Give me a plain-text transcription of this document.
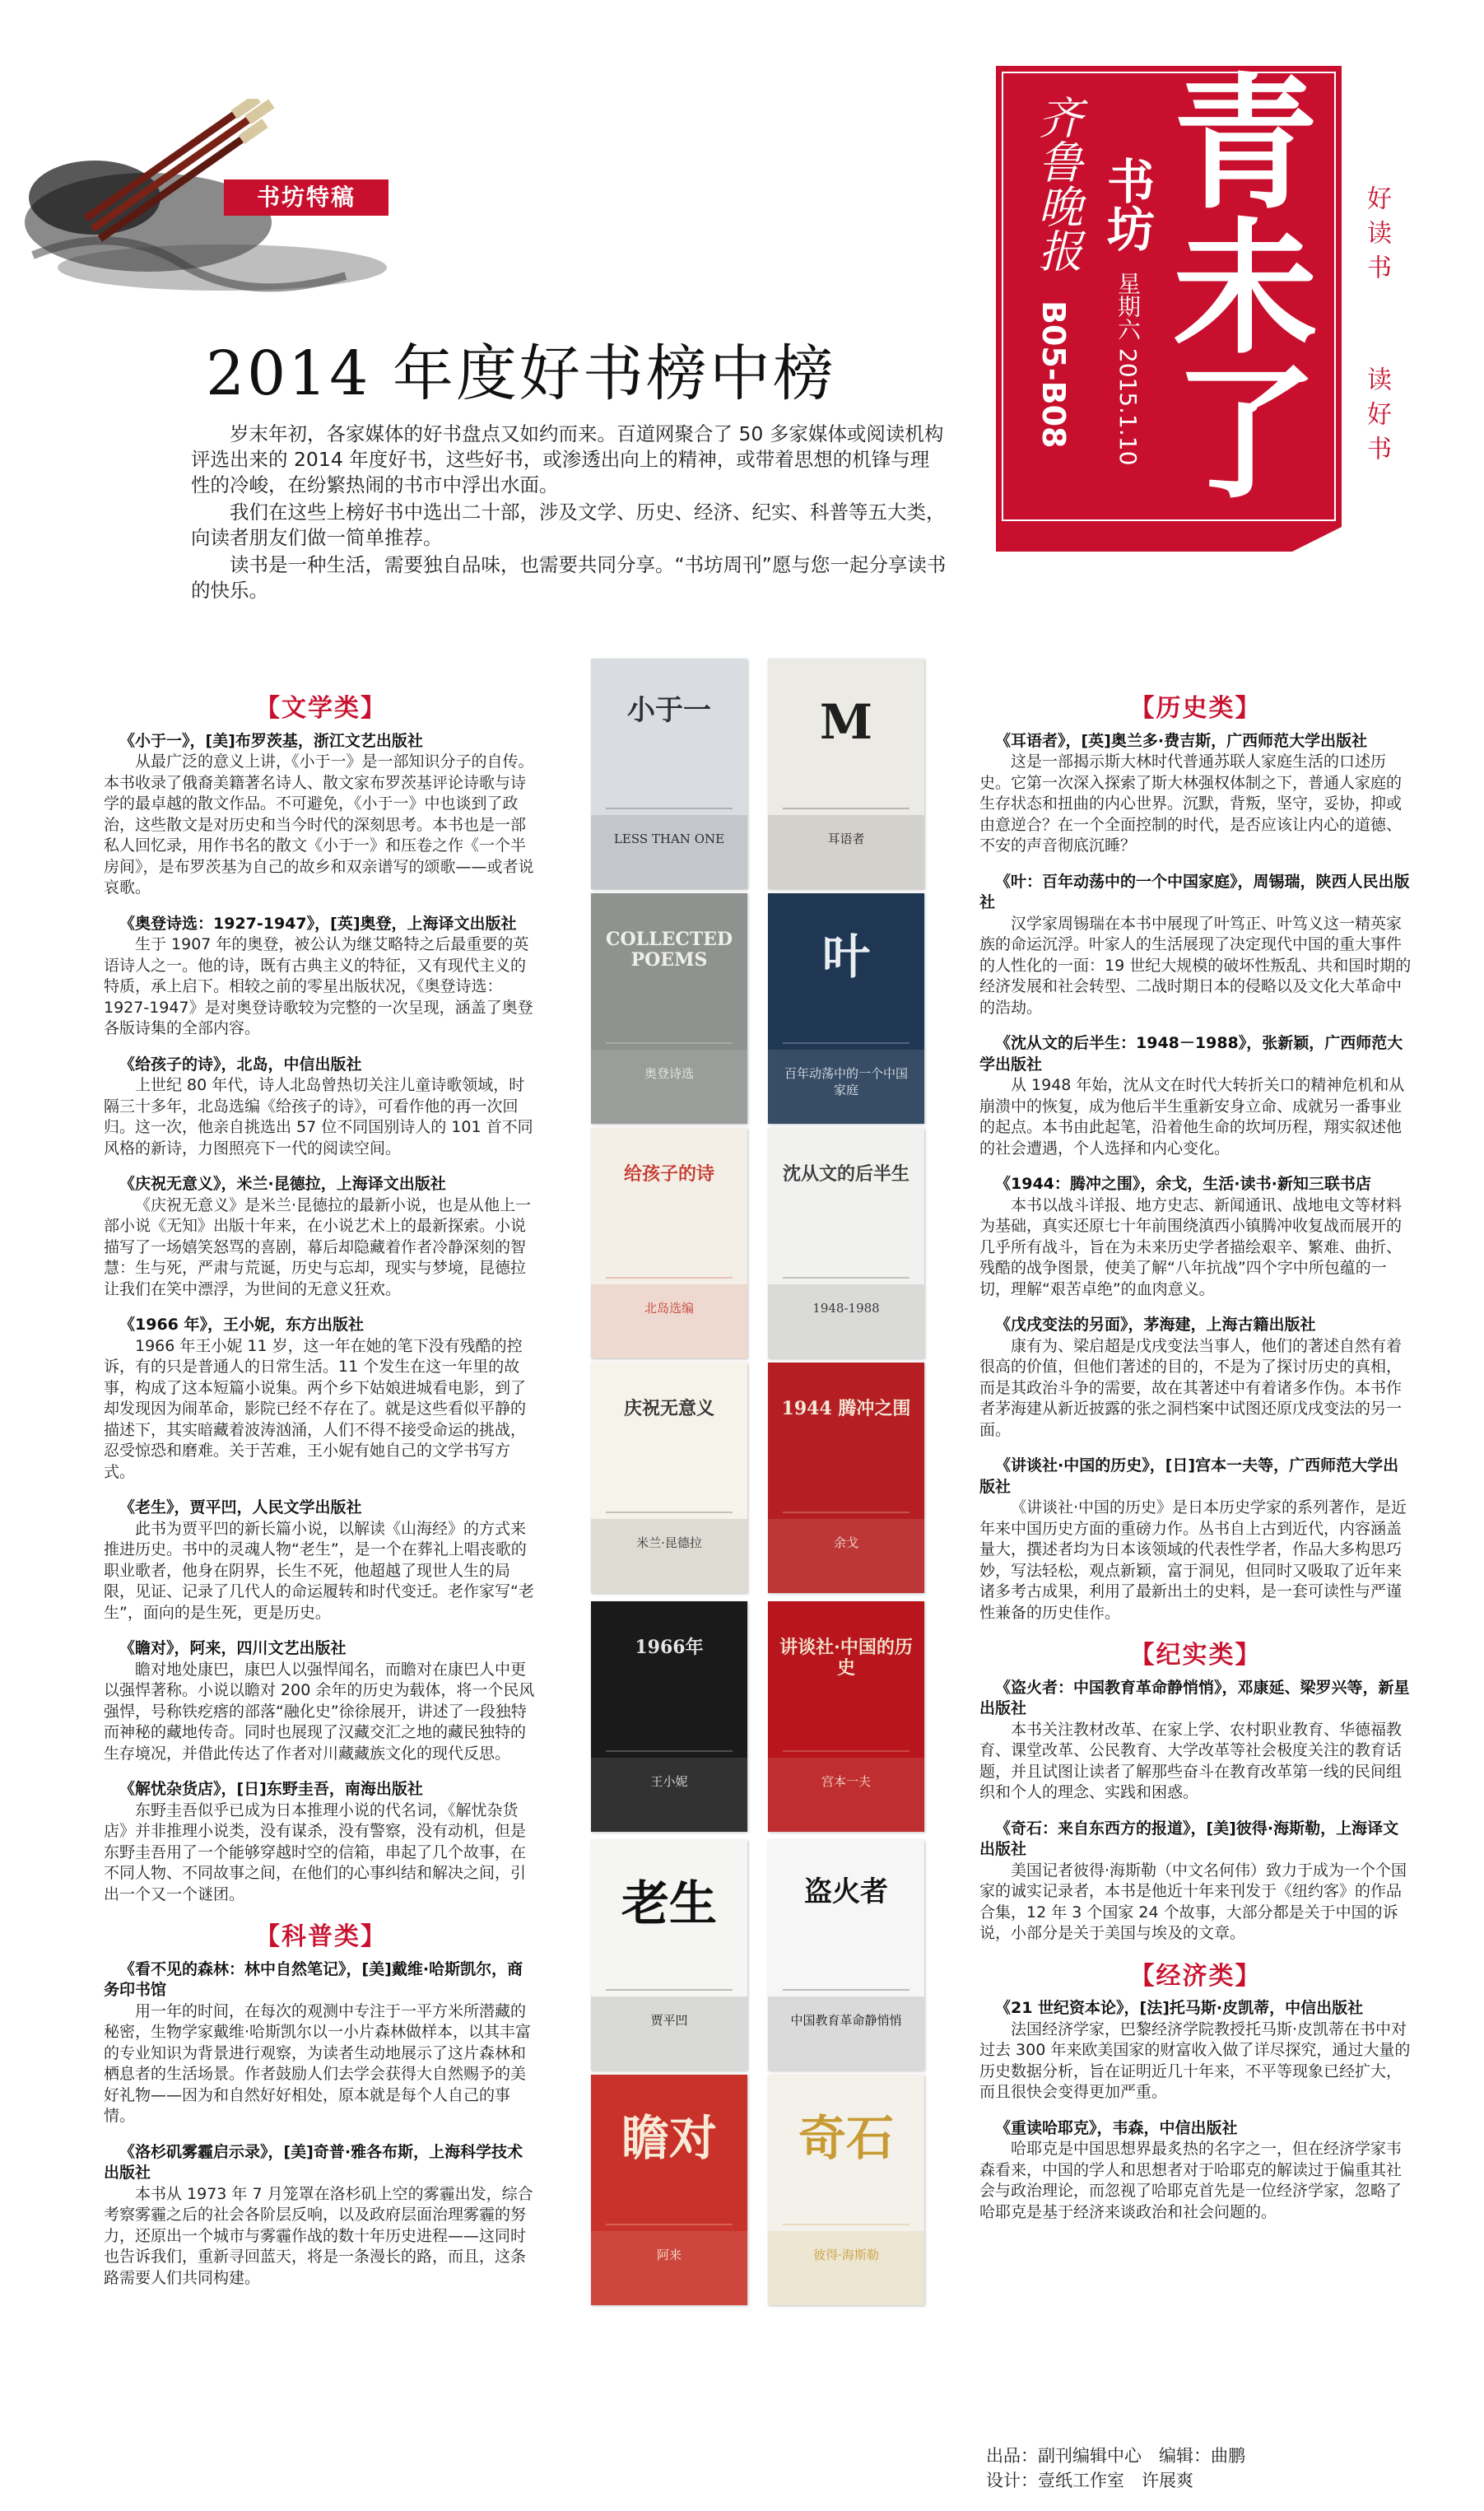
书坊特稿
2014 年度好书榜中榜
齐鲁晚报
B05-B08
书坊
星期六 2015.1.10
青未了
好读书
读好书

岁末年初，各家媒体的好书盘点又如约而来。百道网聚合了 50 多家媒体或阅读机构评选出来的 2014 年度好书，这些好书，或渗透出向上的精神，或带着思想的机锋与理性的冷峻，在纷繁热闹的书市中浮出水面。

我们在这些上榜好书中选出二十部，涉及文学、历史、经济、纪实、科普等五大类，向读者朋友们做一简单推荐。

读书是一种生活，需要独自品味，也需要共同分享。“书坊周刊”愿与您一起分享读书的快乐。

【文学类】

《小于一》，[美]布罗茨基，浙江文艺出版社

从最广泛的意义上讲，《小于一》是一部知识分子的自传。本书收录了俄裔美籍著名诗人、散文家布罗茨基评论诗歌与诗学的最卓越的散文作品。不可避免，《小于一》中也谈到了政治，这些散文是对历史和当今时代的深刻思考。本书也是一部私人回忆录，用作书名的散文《小于一》和压卷之作《一个半房间》，是布罗茨基为自己的故乡和双亲谱写的颂歌——或者说哀歌。

《奥登诗选：1927-1947》，[英]奥登，上海译文出版社

生于 1907 年的奥登，被公认为继艾略特之后最重要的英语诗人之一。他的诗，既有古典主义的特征，又有现代主义的特质，承上启下。相较之前的零星出版状况，《奥登诗选：1927-1947》是对奥登诗歌较为完整的一次呈现，涵盖了奥登各版诗集的全部内容。

《给孩子的诗》，北岛，中信出版社

上世纪 80 年代，诗人北岛曾热切关注儿童诗歌领域，时隔三十多年，北岛选编《给孩子的诗》，可看作他的再一次回归。这一次，他亲自挑选出 57 位不同国别诗人的 101 首不同风格的新诗，力图照亮下一代的阅读空间。

《庆祝无意义》，米兰·昆德拉，上海译文出版社

《庆祝无意义》是米兰·昆德拉的最新小说，也是从他上一部小说《无知》出版十年来，在小说艺术上的最新探索。小说描写了一场嬉笑怒骂的喜剧，幕后却隐藏着作者冷静深刻的智慧：生与死，严肃与荒诞，历史与忘却，现实与梦境，昆德拉让我们在笑中漂浮，为世间的无意义狂欢。

《1966 年》，王小妮，东方出版社

1966 年王小妮 11 岁，这一年在她的笔下没有残酷的控诉，有的只是普通人的日常生活。11 个发生在这一年里的故事，构成了这本短篇小说集。两个乡下姑娘进城看电影，到了却发现因为闹革命，影院已经不存在了。就是这些看似平静的描述下，其实暗藏着波涛汹涌，人们不得不接受命运的挑战，忍受惊恐和磨难。关于苦难，王小妮有她自己的文学书写方式。

《老生》，贾平凹，人民文学出版社

此书为贾平凹的新长篇小说，以解读《山海经》的方式来推进历史。书中的灵魂人物“老生”，是一个在葬礼上唱丧歌的职业歌者，他身在阴界，长生不死，他超越了现世人生的局限，见证、记录了几代人的命运履转和时代变迁。老作家写“老生”，面向的是生死，更是历史。

《瞻对》，阿来，四川文艺出版社

瞻对地处康巴，康巴人以强悍闻名，而瞻对在康巴人中更以强悍著称。小说以瞻对 200 余年的历史为载体，将一个民风强悍，号称铁疙瘩的部落“融化史”徐徐展开，讲述了一段独特而神秘的藏地传奇。同时也展现了汉藏交汇之地的藏民独特的生存境况，并借此传达了作者对川藏藏族文化的现代反思。

《解忧杂货店》，[日]东野圭吾，南海出版社

东野圭吾似乎已成为日本推理小说的代名词，《解忧杂货店》并非推理小说类，没有谋杀，没有警察，没有动机，但是东野圭吾用了一个能够穿越时空的信箱，串起了几个故事，在不同人物、不同故事之间，在他们的心事纠结和解决之间，引出一个又一个谜团。

【科普类】

《看不见的森林：林中自然笔记》，[美]戴维·哈斯凯尔，商务印书馆

用一年的时间，在每次的观测中专注于一平方米所潜藏的秘密，生物学家戴维·哈斯凯尔以一小片森林做样本，以其丰富的专业知识为背景进行观察，为读者生动地展示了这片森林和栖息者的生活场景。作者鼓励人们去学会获得大自然赐予的美好礼物——因为和自然好好相处，原本就是每个人自己的事情。

《洛杉矶雾霾启示录》，[美]奇普·雅各布斯，上海科学技术出版社

本书从 1973 年 7 月笼罩在洛杉矶上空的雾霾出发，综合考察雾霾之后的社会各阶层反响，以及政府层面治理雾霾的努力，还原出一个城市与雾霾作战的数十年历史进程——这同时也告诉我们，重新寻回蓝天，将是一条漫长的路，而且，这条路需要人们共同构建。

【历史类】

《耳语者》，[英]奥兰多·费吉斯，广西师范大学出版社

这是一部揭示斯大林时代普通苏联人家庭生活的口述历史。它第一次深入探索了斯大林强权体制之下，普通人家庭的生存状态和扭曲的内心世界。沉默，背叛，坚守，妥协，抑或由意逆合？在一个全面控制的时代，是否应该让内心的道德、不安的声音彻底沉睡？

《叶：百年动荡中的一个中国家庭》，周锡瑞，陕西人民出版社

汉学家周锡瑞在本书中展现了叶笃正、叶笃义这一精英家族的命运沉浮。叶家人的生活展现了决定现代中国的重大事件的人性化的一面：19 世纪大规模的破坏性叛乱、共和国时期的经济发展和社会转型、二战时期日本的侵略以及文化大革命中的浩劫。

《沈从文的后半生：1948－1988》，张新颖，广西师范大学出版社

从 1948 年始，沈从文在时代大转折关口的精神危机和从崩溃中的恢复，成为他后半生重新安身立命、成就另一番事业的起点。本书由此起笔，沿着他生命的坎坷历程，翔实叙述他的社会遭遇，个人选择和内心变化。

《1944：腾冲之围》，余戈，生活·读书·新知三联书店

本书以战斗详报、地方史志、新闻通讯、战地电文等材料为基础，真实还原七十年前围绕滇西小镇腾冲收复战而展开的几乎所有战斗，旨在为未来历史学者描绘艰辛、繁难、曲折、残酷的战争图景，使美了解“八年抗战”四个字中所包蕴的一切，理解“艰苦卓绝”的血肉意义。

《戊戌变法的另面》，茅海建，上海古籍出版社

康有为、梁启超是戊戌变法当事人，他们的著述自然有着很高的价值，但他们著述的目的，不是为了探讨历史的真相，而是其政治斗争的需要，故在其著述中有着诸多作伪。本书作者茅海建从新近披露的张之洞档案中试图还原戊戌变法的另一面。

《讲谈社·中国的历史》，[日]宫本一夫等，广西师范大学出版社

《讲谈社·中国的历史》是日本历史学家的系列著作，是近年来中国历史方面的重磅力作。丛书自上古到近代，内容涵盖量大，撰述者均为日本该领域的代表性学者，作品大多构思巧妙，写法轻松，观点新颖，富于洞见，但同时又吸取了近年来诸多考古成果，利用了最新出土的史料，是一套可读性与严谨性兼备的历史佳作。

【纪实类】

《盗火者：中国教育革命静悄悄》，邓康延、梁罗兴等，新星出版社

本书关注教材改革、在家上学、农村职业教育、华德福教育、课堂改革、公民教育、大学改革等社会极度关注的教育话题，并且试图让读者了解那些奋斗在教育改革第一线的民间组织和个人的理念、实践和困惑。

《奇石：来自东西方的报道》，[美]彼得·海斯勒，上海译文出版社

美国记者彼得·海斯勒（中文名何伟）致力于成为一个个国家的诚实记录者，本书是他近十年来刊发于《纽约客》的作品合集，12 年 3 个国家 24 个故事，大部分都是关于中国的诉说，小部分是关于美国与埃及的文章。

【经济类】

《21 世纪资本论》，[法]托马斯·皮凯蒂，中信出版社

法国经济学家，巴黎经济学院教授托马斯·皮凯蒂在书中对过去 300 年来欧美国家的财富收入做了详尽探究，通过大量的历史数据分析，旨在证明近几十年来，不平等现象已经扩大，而且很快会变得更加严重。

《重读哈耶克》，韦森，中信出版社

哈耶克是中国思想界最炙热的名字之一，但在经济学家韦森看来，中国的学人和思想者对于哈耶克的解读过于偏重其社会与政治理论，而忽视了哈耶克首先是一位经济学家，忽略了哈耶克是基于经济来谈政治和社会问题的。

小于一
LESS THAN ONE
M
耳语者
COLLECTED POEMS
奥登诗选
叶
百年动荡中的一个中国家庭
给孩子的诗
北岛选编
沈从文的后半生
1948-1988
庆祝无意义
米兰·昆德拉
1944 腾冲之围
余戈
1966年
王小妮
讲谈社·中国的历史
宫本一夫
老生
贾平凹
盗火者
中国教育革命静悄悄
瞻对
阿来
奇石
彼得·海斯勒
出品：副刊编辑中心　编辑：曲鹏
设计：壹纸工作室　许展爽
